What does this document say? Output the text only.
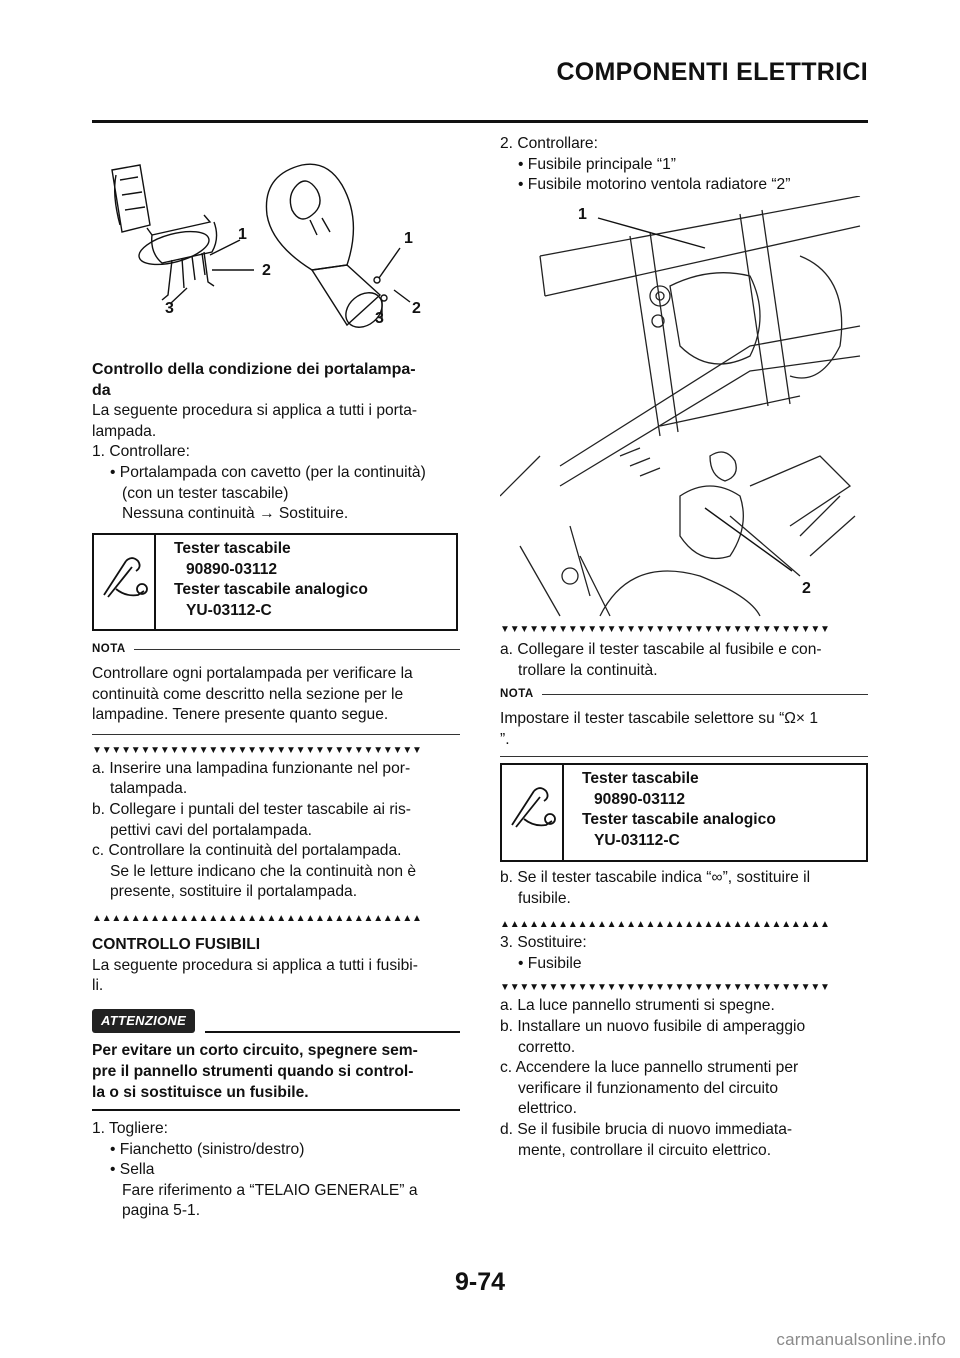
COMPONENTI ELETTRICI
1
2
3
1
2
3

Controllo della condizione dei portalampa-
da

La seguente procedura si applica a tutti i porta-
lampada.

1. Controllare:

• Portalampada con cavetto (per la continuità)

(con un tester tascabile)

Nessuna continuità → Sostituire.

Tester tascabile
90890-03112
Tester tascabile analogico
YU-03112-C
NOTA

Controllare ogni portalampada per verificare la
continuità come descritto nella sezione per le
lampadine. Tenere presente quanto segue.

▼▼▼▼▼▼▼▼▼▼▼▼▼▼▼▼▼▼▼▼▼▼▼▼▼▼▼▼▼▼▼▼▼▼

a. Inserire una lampadina funzionante nel por-
talampada.

b. Collegare i puntali del tester tascabile ai ris-
pettivi cavi del portalampada.

c. Controllare la continuità del portalampada.
Se le letture indicano che la continuità non è
presente, sostituire il portalampada.

▲▲▲▲▲▲▲▲▲▲▲▲▲▲▲▲▲▲▲▲▲▲▲▲▲▲▲▲▲▲▲▲▲▲

CONTROLLO FUSIBILI

La seguente procedura si applica a tutti i fusibi-
li.

ATTENZIONE

Per evitare un corto circuito, spegnere sem-
pre il pannello strumenti quando si control-
la o si sostituisce un fusibile.

1. Togliere:

• Fianchetto (sinistro/destro)

• Sella

Fare riferimento a “TELAIO GENERALE” a
pagina 5-1.

2. Controllare:

• Fusibile principale “1”

• Fusibile motorino ventola radiatore “2”

1
2
▼▼▼▼▼▼▼▼▼▼▼▼▼▼▼▼▼▼▼▼▼▼▼▼▼▼▼▼▼▼▼▼▼▼

a. Collegare il tester tascabile al fusibile e con-
trollare la continuità.

NOTA

Impostare il tester tascabile selettore su “Ω× 1
”.

Tester tascabile
90890-03112
Tester tascabile analogico
YU-03112-C

b. Se il tester tascabile indica “∞”, sostituire il
fusibile.

▲▲▲▲▲▲▲▲▲▲▲▲▲▲▲▲▲▲▲▲▲▲▲▲▲▲▲▲▲▲▲▲▲▲

3. Sostituire:

• Fusibile

▼▼▼▼▼▼▼▼▼▼▼▼▼▼▼▼▼▼▼▼▼▼▼▼▼▼▼▼▼▼▼▼▼▼

a. La luce pannello strumenti si spegne.

b. Installare un nuovo fusibile di amperaggio
corretto.

c. Accendere la luce pannello strumenti per
verificare il funzionamento del circuito
elettrico.

d. Se il fusibile brucia di nuovo immediata-
mente, controllare il circuito elettrico.

9-74
carmanualsonline.info
